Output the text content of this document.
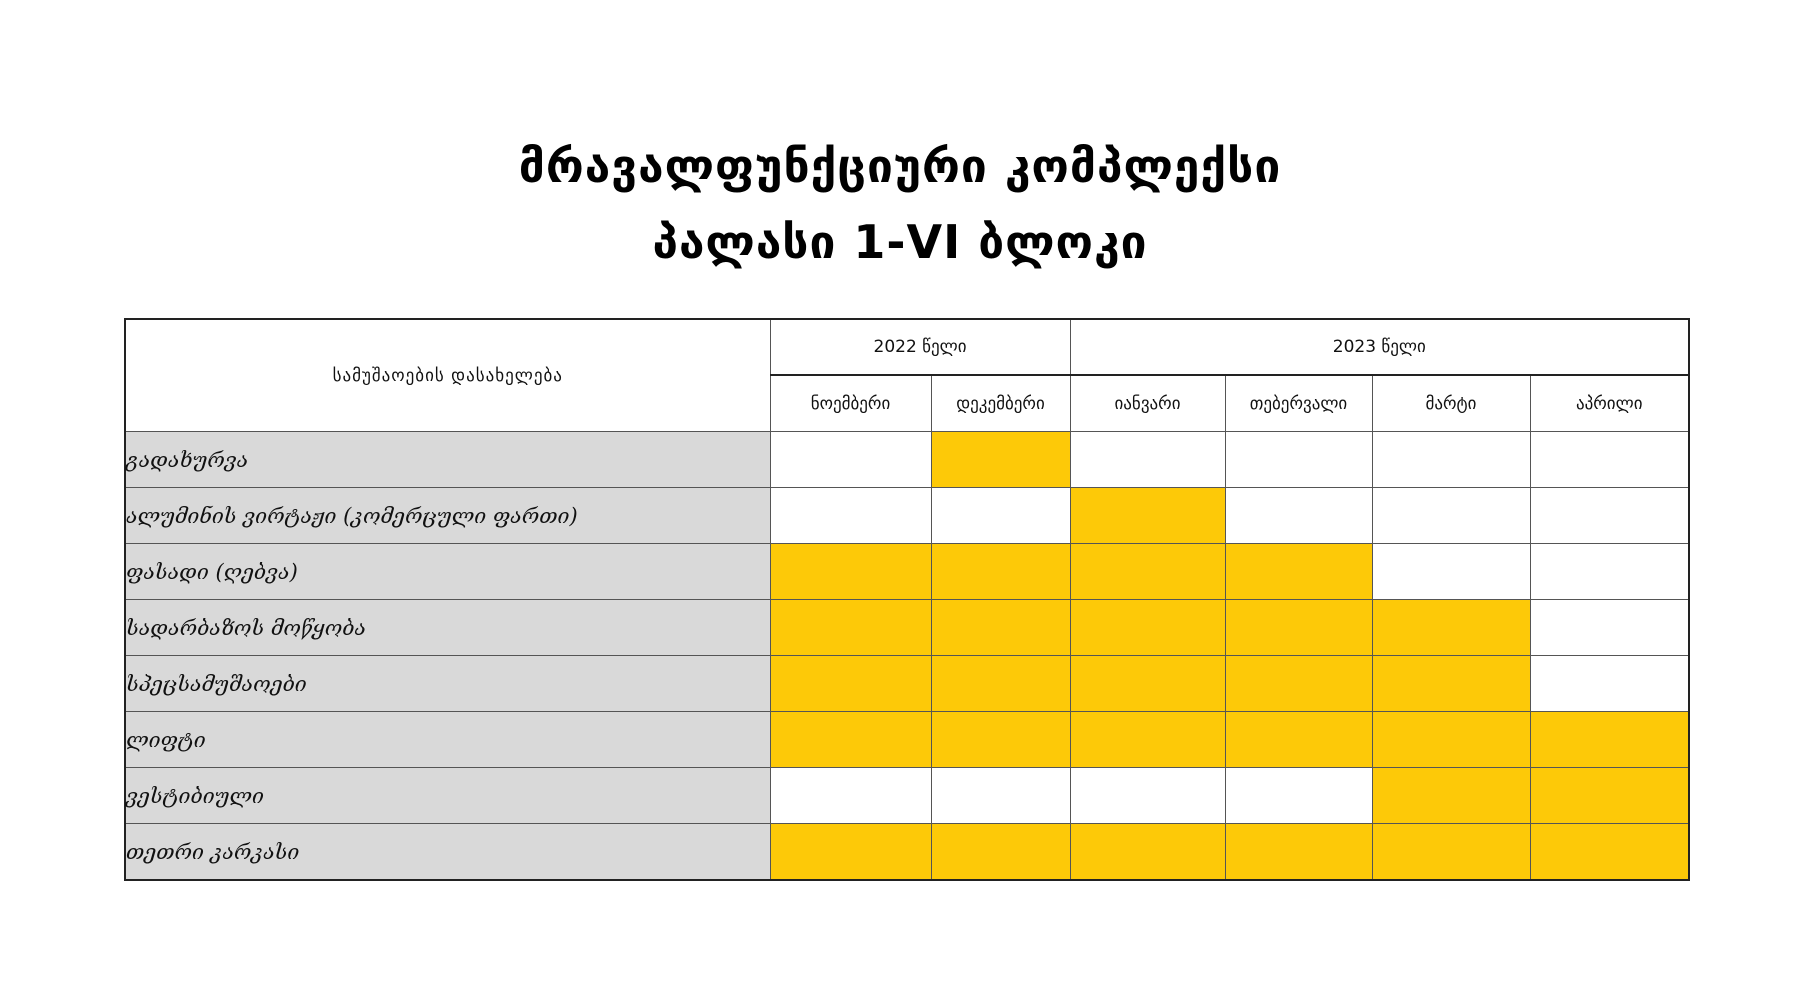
მრავალფუნქციური კომპლექსი
პალასი 1-VI ბლოკი
სამუშაოების დასახელება	2022 წელი		2023 წელი			
	ნოემბერი	დეკემბერი	იანვარი	თებერვალი	მარტი	აპრილი
გადახურვა						
ალუმინის ვირტაჟი (კომერცული ფართი)						
ფასადი (ღებვა)						
სადარბაზოს მოწყობა						
სპეცსამუშაოები						
ლიფტი						
ვესტიბიული						
თეთრი კარკასი						
